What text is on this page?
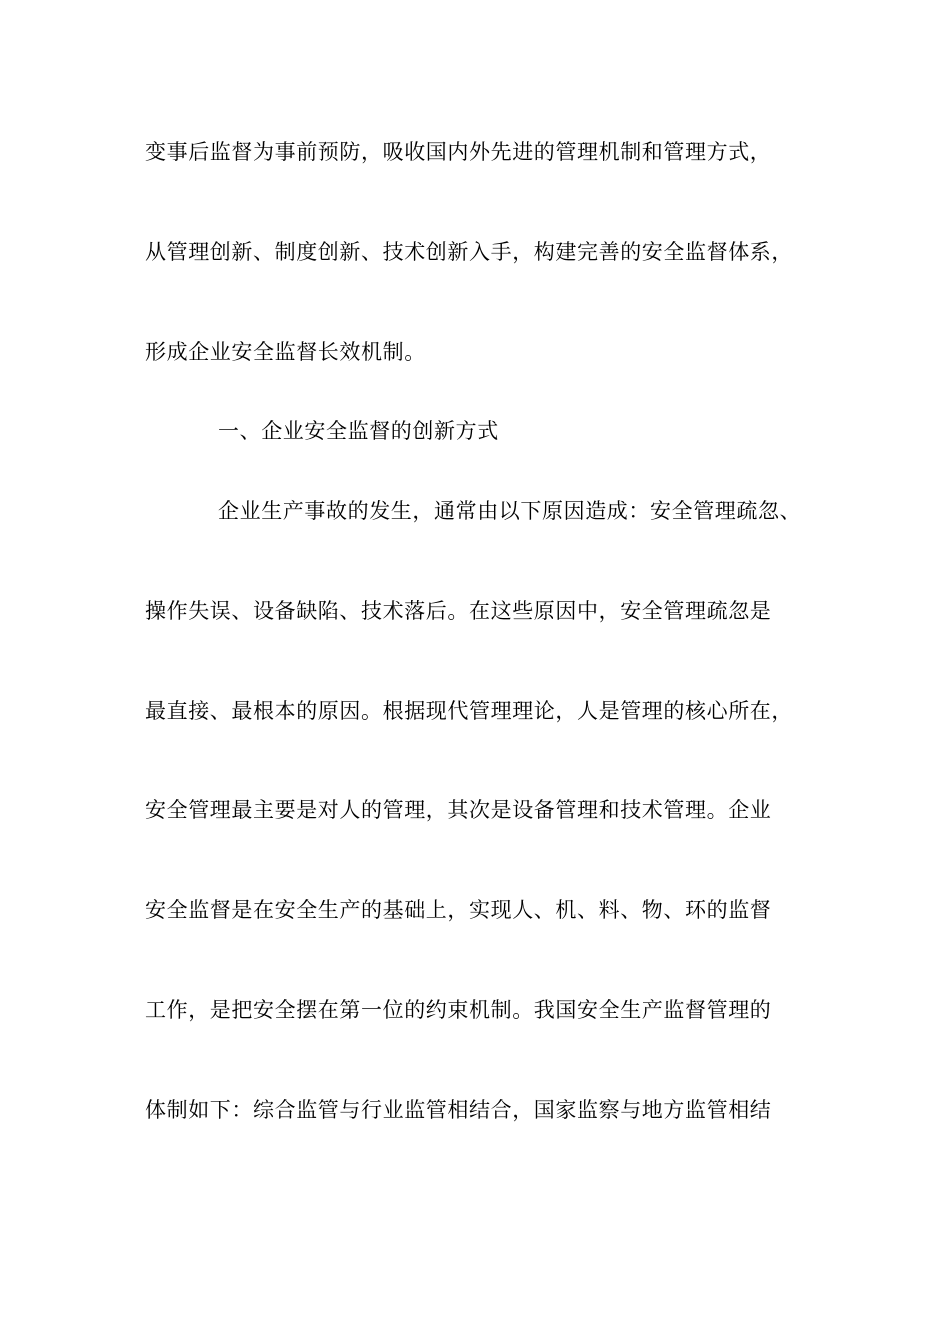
变事后监督为事前预防，吸收国内外先进的管理机制和管理方式，
从管理创新、制度创新、技术创新入手，构建完善的安全监督体系，
形成企业安全监督长效机制。
一、企业安全监督的创新方式
企业生产事故的发生，通常由以下原因造成：安全管理疏忽、
操作失误、设备缺陷、技术落后。在这些原因中，安全管理疏忽是
最直接、最根本的原因。根据现代管理理论，人是管理的核心所在，
安全管理最主要是对人的管理，其次是设备管理和技术管理。企业
安全监督是在安全生产的基础上，实现人、机、料、物、环的监督
工作，是把安全摆在第一位的约束机制。我国安全生产监督管理的
体制如下：综合监管与行业监管相结合，国家监察与地方监管相结
